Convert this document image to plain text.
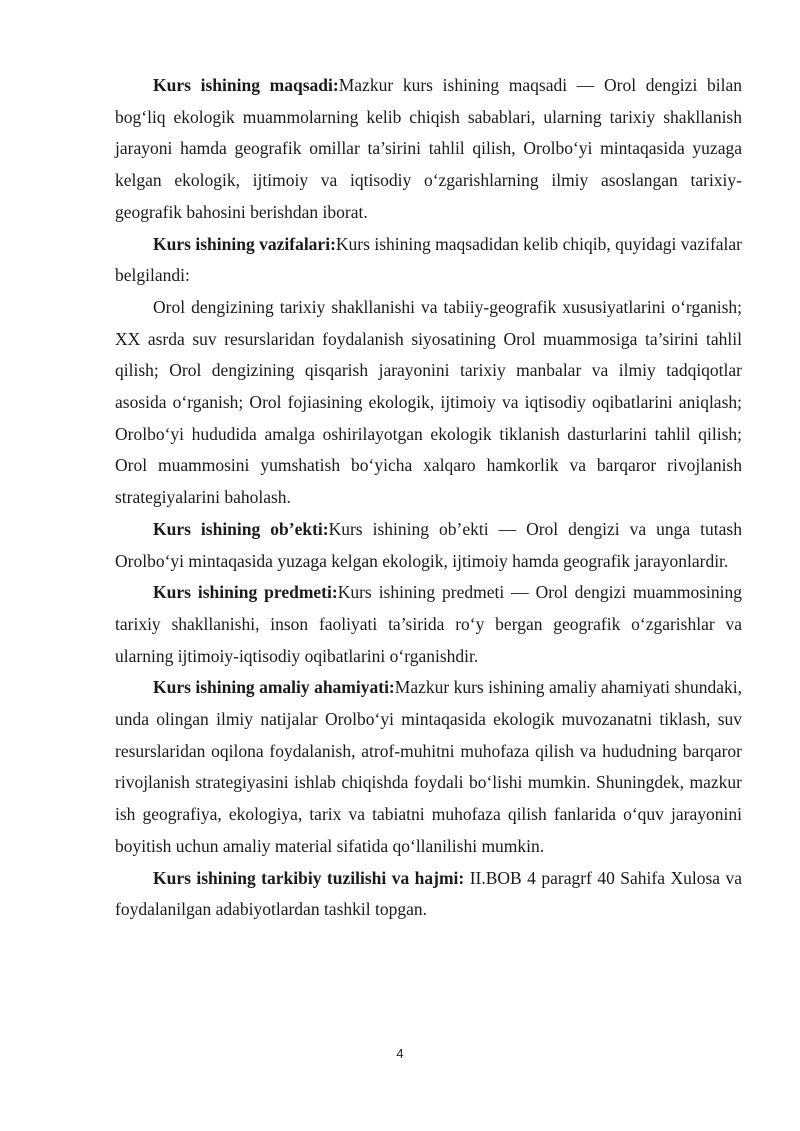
Kurs ishining maqsadi:Mazkur kurs ishining maqsadi — Orol dengizi bilan bog‘liq ekologik muammolarning kelib chiqish sabablari, ularning tarixiy shakllanish jarayoni hamda geografik omillar ta’sirini tahlil qilish, Orolbo‘yi mintaqasida yuzaga kelgan ekologik, ijtimoiy va iqtisodiy o‘zgarishlarning ilmiy asoslangan tarixiy-geografik bahosini berishdan iborat.

Kurs ishining vazifalari:Kurs ishining maqsadidan kelib chiqib, quyidagi vazifalar belgilandi:

Orol dengizining tarixiy shakllanishi va tabiiy-geografik xususiyatlarini o‘rganish; XX asrda suv resurslaridan foydalanish siyosatining Orol muammosiga ta’sirini tahlil qilish; Orol dengizining qisqarish jarayonini tarixiy manbalar va ilmiy tadqiqotlar asosida o‘rganish; Orol fojiasining ekologik, ijtimoiy va iqtisodiy oqibatlarini aniqlash; Orolbo‘yi hududida amalga oshirilayotgan ekologik tiklanish dasturlarini tahlil qilish; Orol muammosini yumshatish bo‘yicha xalqaro hamkorlik va barqaror rivojlanish strategiyalarini baholash.

Kurs ishining ob’ekti:Kurs ishining ob’ekti — Orol dengizi va unga tutash Orolbo‘yi mintaqasida yuzaga kelgan ekologik, ijtimoiy hamda geografik jarayonlardir.

Kurs ishining predmeti:Kurs ishining predmeti — Orol dengizi muammosining tarixiy shakllanishi, inson faoliyati ta’sirida ro‘y bergan geografik o‘zgarishlar va ularning ijtimoiy-iqtisodiy oqibatlarini o‘rganishdir.

Kurs ishining amaliy ahamiyati:Mazkur kurs ishining amaliy ahamiyati shundaki, unda olingan ilmiy natijalar Orolbo‘yi mintaqasida ekologik muvozanatni tiklash, suv resurslaridan oqilona foydalanish, atrof-muhitni muhofaza qilish va hududning barqaror rivojlanish strategiyasini ishlab chiqishda foydali bo‘lishi mumkin. Shuningdek, mazkur ish geografiya, ekologiya, tarix va tabiatni muhofaza qilish fanlarida o‘quv jarayonini boyitish uchun amaliy material sifatida qo‘llanilishi mumkin.

Kurs ishining tarkibiy tuzilishi va hajmi: II.BOB 4 paragrf 40 Sahifa Xulosa va foydalanilgan adabiyotlardan tashkil topgan.

4
